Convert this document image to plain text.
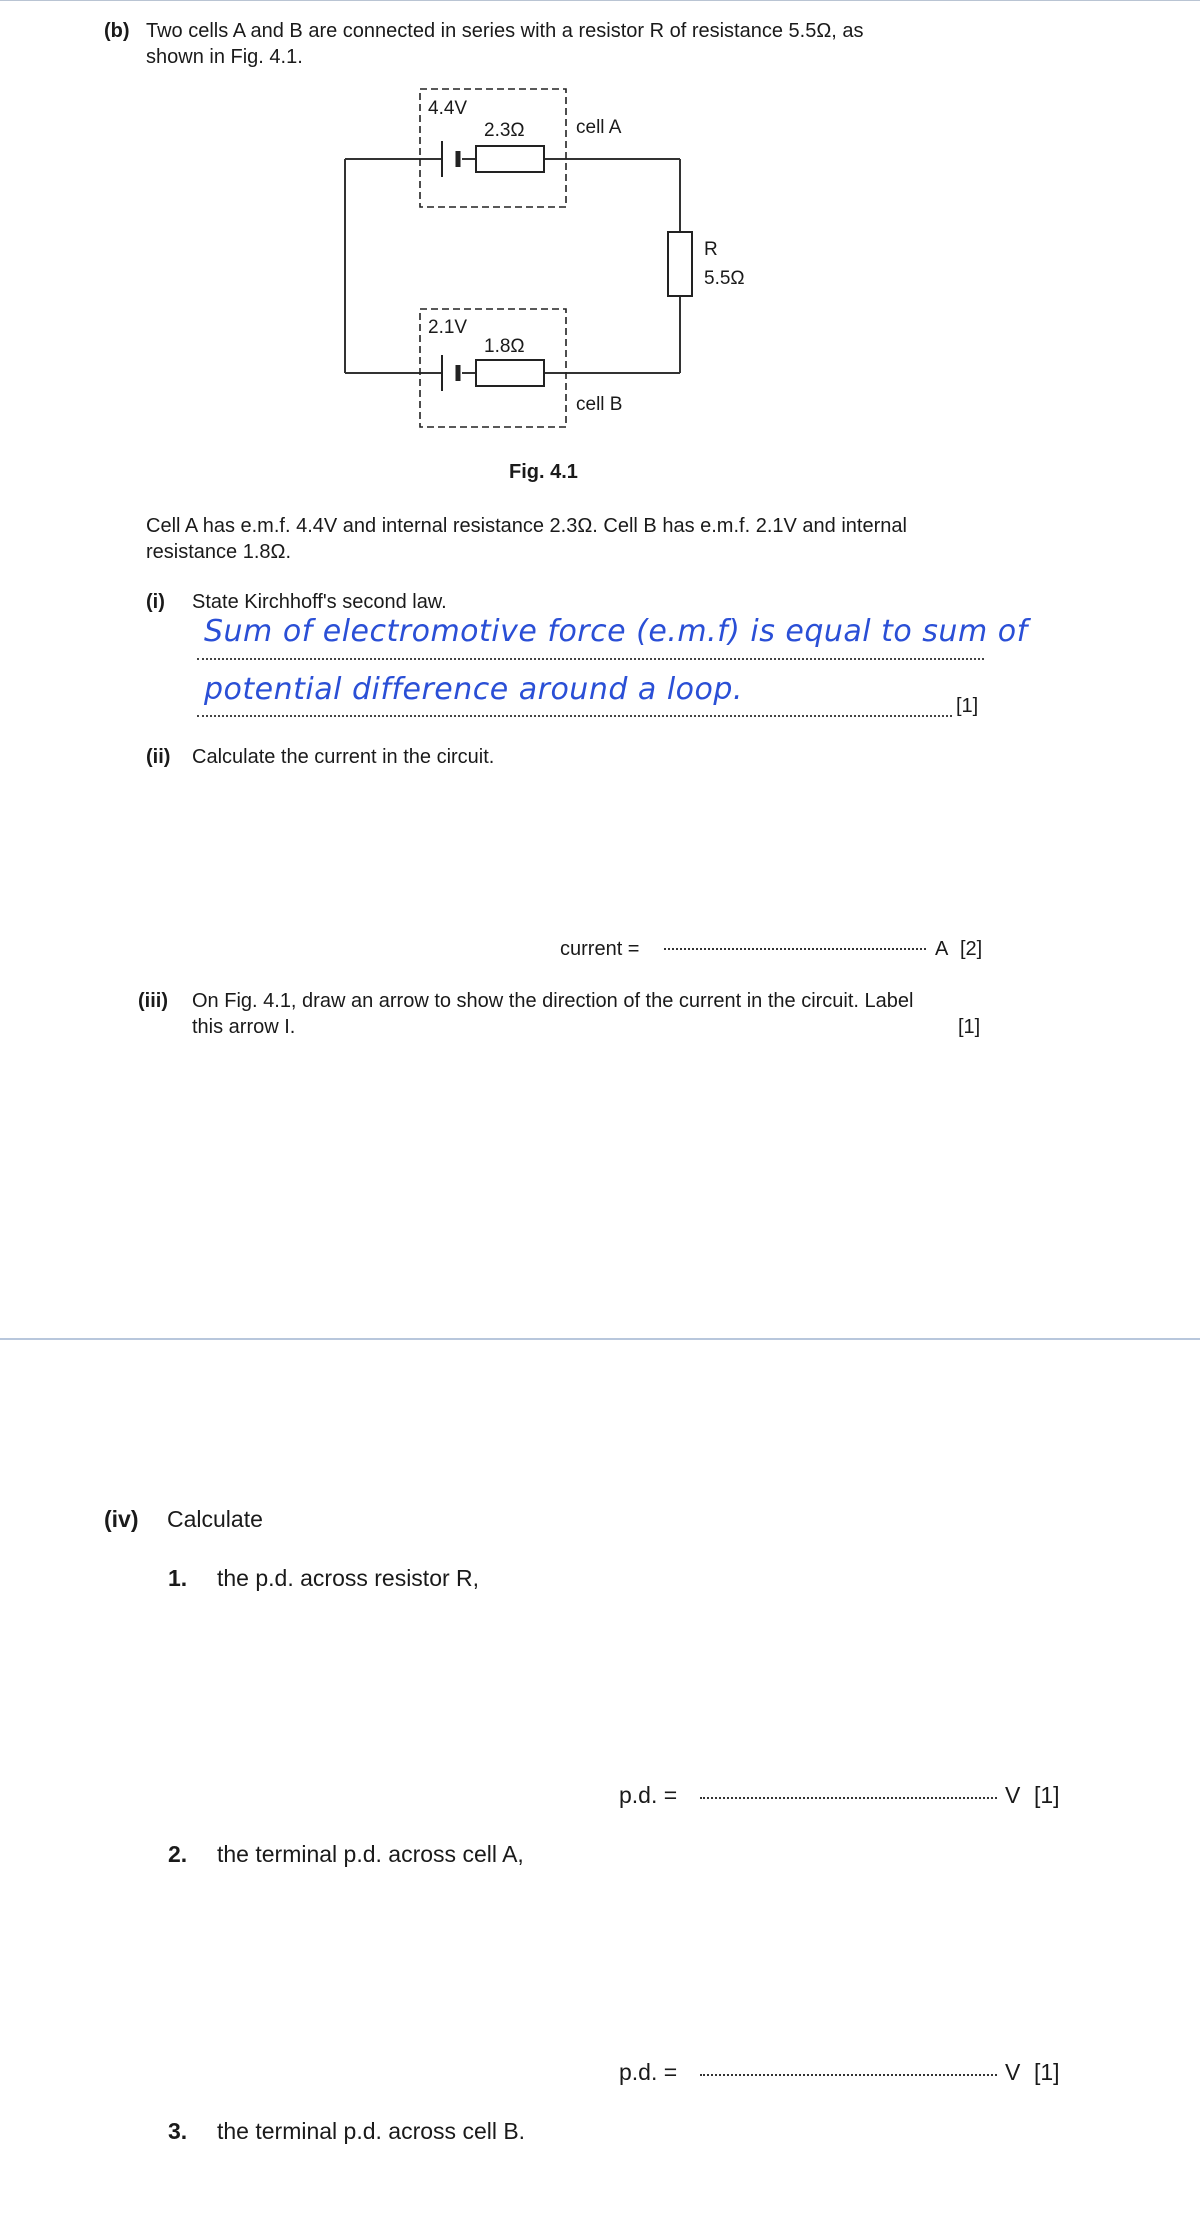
(b) Two cells A and B are connected in series with a resistor R of resistance 5.5Ω, as
shown in Fig. 4.1.
4.4V
2.3Ω	cell A
2.1V
1.8Ω
cell B
R
5.5Ω
Fig. 4.1
Cell A has e.m.f. 4.4V and internal resistance 2.3Ω. Cell B has e.m.f. 2.1V and internal
resistance 1.8Ω.
(i) State Kirchhoff's second law.
Sum of electromotive force (e.m.f) is equal to sum of
potential difference around a loop.	[1]
(ii) Calculate the current in the circuit.
current =	A [2]
(iii) On Fig. 4.1, draw an arrow to show the direction of the current in the circuit. Label
this arrow I.	[1]
(iv) Calculate
1. the p.d. across resistor R,
p.d. =	V [1]
2. the terminal p.d. across cell A,
p.d. =	V [1]
3. the terminal p.d. across cell B.
